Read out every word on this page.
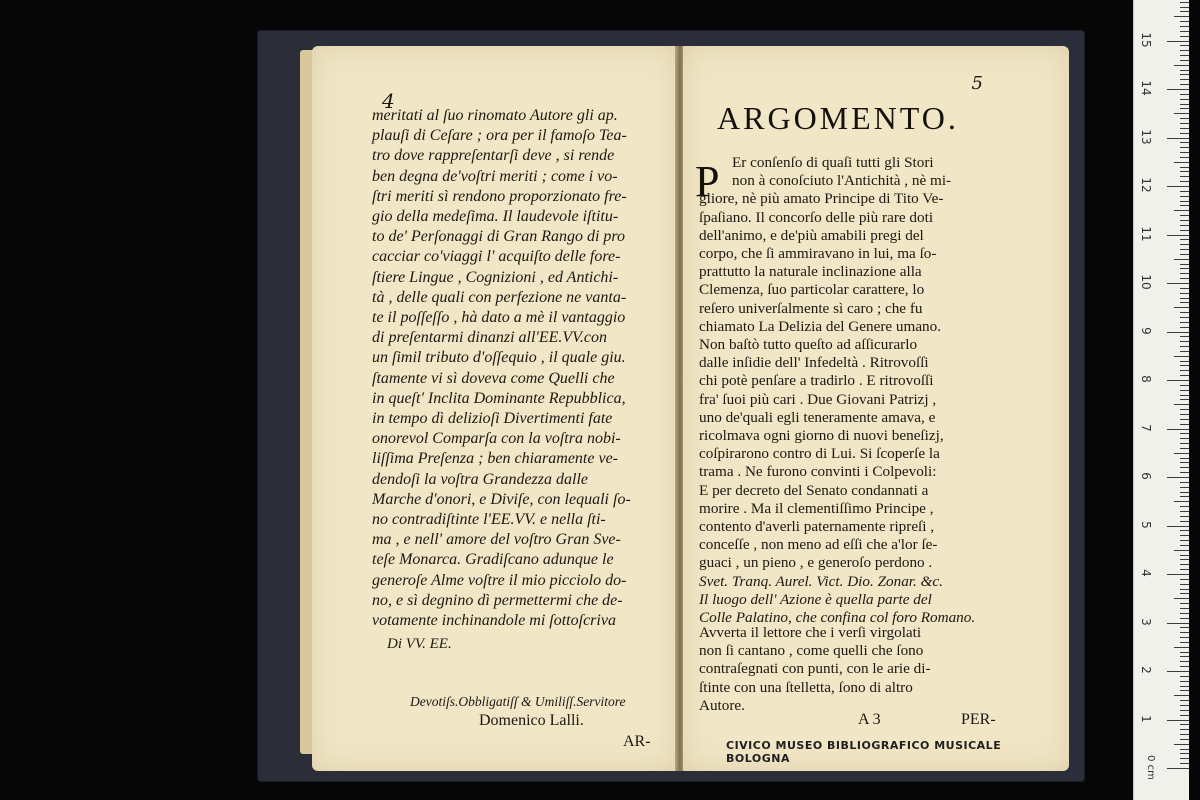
4
meritati al ſuo rinomato Autore gli ap.
plauſi di Ceſare ; ora per il famoſo Tea-
tro dove rappreſentarſi deve , si rende
ben degna de'voſtri meriti ; come i vo-
ſtri meriti sì rendono proporzionato fre-
gio della medeſima. Il laudevole iſtitu-
to de' Perſonaggi di Gran Rango di pro
cacciar co'viaggi l' acquiſto delle fore-
ſtiere Lingue , Cognizioni , ed Antichi-
tà , delle quali con perfezione ne vanta-
te il poſſeſſo , hà dato a mè il vantaggio
di preſentarmi dinanzi all'EE.VV.con
un ſimil tributo d'oſſequio , il quale giu.
ſtamente vi sì doveva come Quelli che
in queſt' Inclita Dominante Repubblica,
in tempo dì delizioſi Divertimenti fate
onorevol Comparſa con la voſtra nobi-
liſſima Preſenza ; ben chiaramente ve-
dendoſi la voſtra Grandezza dalle
Marche d'onori, e Diviſe, con lequali ſo-
no contradiſtinte l'EE.VV. e nella ſti-
ma , e nell' amore del voſtro Gran Sve-
teſe Monarca. Gradiſcano adunque le
generoſe Alme voſtre il mio picciolo do-
no, e sì degnino dì permettermi che de-
votamente inchinandole mi ſottoſcriva
Di VV. EE.
Devotiſs.Obbligatiſſ & Umiliſſ.Servitore
Domenico Lalli.
AR-
5
ARGOMENTO.
P Er conſenſo di quaſi tutti gli Stori
non à conoſciuto l'Antichità , nè mi-
gliore, nè più amato Principe di Tito Ve-
ſpaſiano. Il concorſo delle più rare doti
dell'animo, e de'più amabili pregi del
corpo, che ſi ammiravano in lui, ma ſo-
prattutto la naturale inclinazione alla
Clemenza, ſuo particolar carattere, lo
reſero univerſalmente sì caro ; che fu
chiamato La Delizia del Genere umano.
Non baſtò tutto queſto ad aſſicurarlo
dalle inſidie dell' Infedeltà . Ritrovoſſi
chi potè penſare a tradirlo . E ritrovoſſi
fra' ſuoi più cari . Due Giovani Patrizj ,
uno de'quali egli teneramente amava, e
ricolmava ogni giorno di nuovi beneſizj,
coſpirarono contro di Lui. Si ſcoperſe la
trama . Ne furono convinti i Colpevoli:
E per decreto del Senato condannati a
morire . Ma il clementiſſimo Principe ,
contento d'averli paternamente ripreſi ,
conceſſe , non meno ad eſſi che a'lor ſe-
guaci , un pieno , e generoſo perdono .
Svet. Tranq. Aurel. Vict. Dio. Zonar. &c.
Il luogo dell' Azione è quella parte del
Colle Palatino, che confina col foro Romano.
Avverta il lettore che i verſi virgolati
non ſi cantano , come quelli che ſono
contraſegnati con punti, con le arie di-
ſtinte con una ſtelletta, ſono di altro
Autore.
A 3	PER-
CIVICO MUSEO BIBLIOGRAFICO MUSICALE BOLOGNA	0 cm
1
2
3
4
5
6
7
8
9
10
11
12
13
14
15
